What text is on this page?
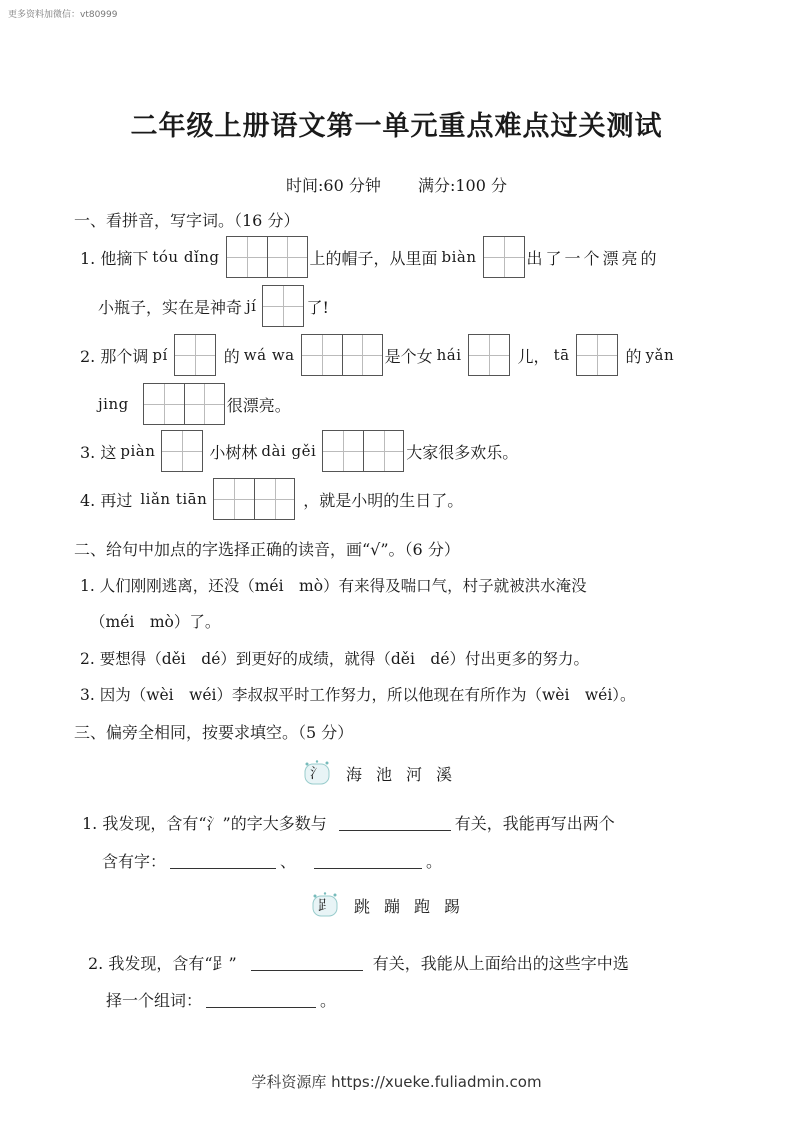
更多资料加微信：vt80999
二年级上册语文第一单元重点难点过关测试
时间:60 分钟 满分:100 分
一、看拼音，写字词。（16 分）
1. 他摘下 tóu dǐng	上的帽子，从里面 biàn	出了一个漂亮的
小瓶子，实在是神奇 jí	了!
2. 那个调 pí	的 wá wa	是个女 hái	儿， tā	的 yǎn
jing	很漂亮。
3. 这 piàn	小树林 dài gěi	大家很多欢乐。
4. 再过 liǎn tiān	，就是小明的生日了。
二、给句中加点的字选择正确的读音，画“√”。（6 分）
1. 人们刚刚逃离，还没（méi　mò）有来得及喘口气，村子就被洪水淹没
（méi　mò）了。
2. 要想得（děi　dé）到更好的成绩，就得（děi　dé）付出更多的努力。
3. 因为（wèi　wéi）李叔叔平时工作努力，所以他现在有所作为（wèi　wéi）。
三、偏旁全相同，按要求填空。（5 分）
氵 海池河溪
1. 我发现，含有“氵”的字大多数与	有关，我能再写出两个
含有字：	、	。
𧾷 跳蹦跑踢
2. 我发现，含有“𧾷”	有关，我能从上面给出的这些字中选
择一个组词：	。
学科资源库 https://xueke.fuliadmin.com
